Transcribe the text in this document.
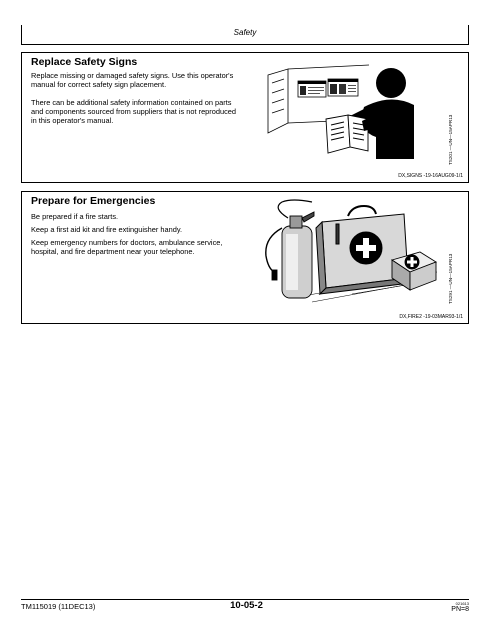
Safety
Replace Safety Signs
Replace missing or damaged safety signs. Use this operator's manual for correct safety sign placement.
There can be additional safety information contained on parts and components sourced from suppliers that is not reproduced in this operator's manual.	TS201 —UN—15APR13
DX,SIGNS -19-16AUG09-1/1
Prepare for Emergencies
Be prepared if a fire starts.
Keep a first aid kit and fire extinguisher handy.
Keep emergency numbers for doctors, ambulance service, hospital, and fire department near your telephone.
TS291 —UN—15APR13
DX,FIRE2 -19-03MAR93-1/1
TM115019 (11DEC13)	10-05-2	021613
PN=8
